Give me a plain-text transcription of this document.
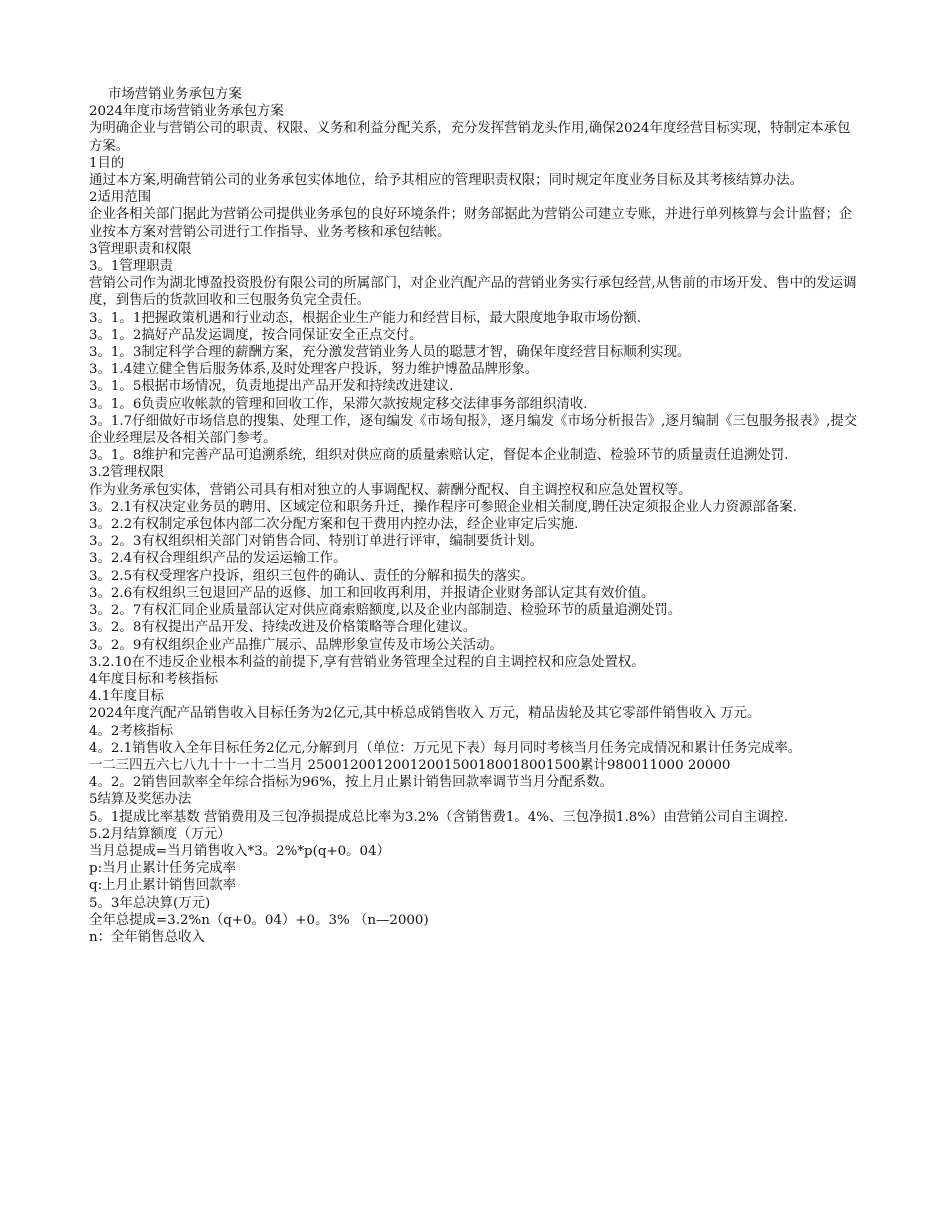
市场营销业务承包方案

2024年度市场营销业务承包方案

为明确企业与营销公司的职责、权限、义务和利益分配关系，充分发挥营销龙头作用,确保2024年度经营目标实现，特制定本承包方案。

1目的

通过本方案,明确营销公司的业务承包实体地位，给予其相应的管理职责权限；同时规定年度业务目标及其考核结算办法。

2适用范围

企业各相关部门据此为营销公司提供业务承包的良好环境条件；财务部据此为营销公司建立专账，并进行单列核算与会计监督；企业按本方案对营销公司进行工作指导、业务考核和承包结帐。

3管理职责和权限

3。1管理职责

营销公司作为湖北博盈投资股份有限公司的所属部门，对企业汽配产品的营销业务实行承包经营,从售前的市场开发、售中的发运调度，到售后的货款回收和三包服务负完全责任。

3。1。1把握政策机遇和行业动态，根据企业生产能力和经营目标，最大限度地争取市场份额.

3。1。2搞好产品发运调度，按合同保证安全正点交付。

3。1。3制定科学合理的薪酬方案，充分激发营销业务人员的聪慧才智，确保年度经营目标顺利实现。

3。1.4建立健全售后服务体系,及时处理客户投诉，努力维护博盈品牌形象。

3。1。5根据市场情况，负责地提出产品开发和持续改进建议.

3。1。6负责应收帐款的管理和回收工作，呆滞欠款按规定移交法律事务部组织清收.

3。1.7仔细做好市场信息的搜集、处理工作，逐旬编发《市场旬报》，逐月编发《市场分析报告》,逐月编制《三包服务报表》,提交企业经理层及各相关部门参考。

3。1。8维护和完善产品可追溯系统，组织对供应商的质量索赔认定，督促本企业制造、检验环节的质量责任追溯处罚.

3.2管理权限

作为业务承包实体，营销公司具有相对独立的人事调配权、薪酬分配权、自主调控权和应急处置权等。

3。2.1有权决定业务员的聘用、区域定位和职务升迁，操作程序可参照企业相关制度,聘任决定须报企业人力资源部备案.

3。2.2有权制定承包体内部二次分配方案和包干费用内控办法，经企业审定后实施.

3。2。3有权组织相关部门对销售合同、特别订单进行评审，编制要货计划。

3。2.4有权合理组织产品的发运运输工作。

3。2.5有权受理客户投诉，组织三包件的确认、责任的分解和损失的落实。

3。2.6有权组织三包退回产品的返修、加工和回收再利用，并报请企业财务部认定其有效价值。

3。2。7有权汇同企业质量部认定对供应商索赔额度,以及企业内部制造、检验环节的质量追溯处罚。

3。2。8有权提出产品开发、持续改进及价格策略等合理化建议。

3。2。9有权组织企业产品推广展示、品牌形象宣传及市场公关活动。

3.2.10在不违反企业根本利益的前提下,享有营销业务管理全过程的自主调控权和应急处置权。

4年度目标和考核指标

4.1年度目标

2024年度汽配产品销售收入目标任务为2亿元,其中桥总成销售收入 万元，精品齿轮及其它零部件销售收入 万元。

4。2考核指标

4。2.1销售收入全年目标任务2亿元,分解到月（单位：万元见下表）每月同时考核当月任务完成情况和累计任务完成率。

一二三四五六七八九十十一十二当月 25001200120012001500180018001500累计980011000 20000

4。2。2销售回款率全年综合指标为96%，按上月止累计销售回款率调节当月分配系数。

5结算及奖惩办法

5。1提成比率基数 营销费用及三包净损提成总比率为3.2%（含销售费1。4%、三包净损1.8%）由营销公司自主调控.

5.2月结算额度（万元）

当月总提成=当月销售收入*3。2%*p(q+0。04）

p:当月止累计任务完成率

q:上月止累计销售回款率

5。3年总决算(万元)

全年总提成=3.2%n（q+0。04）+0。3% （n—2000)

n：全年销售总收入
